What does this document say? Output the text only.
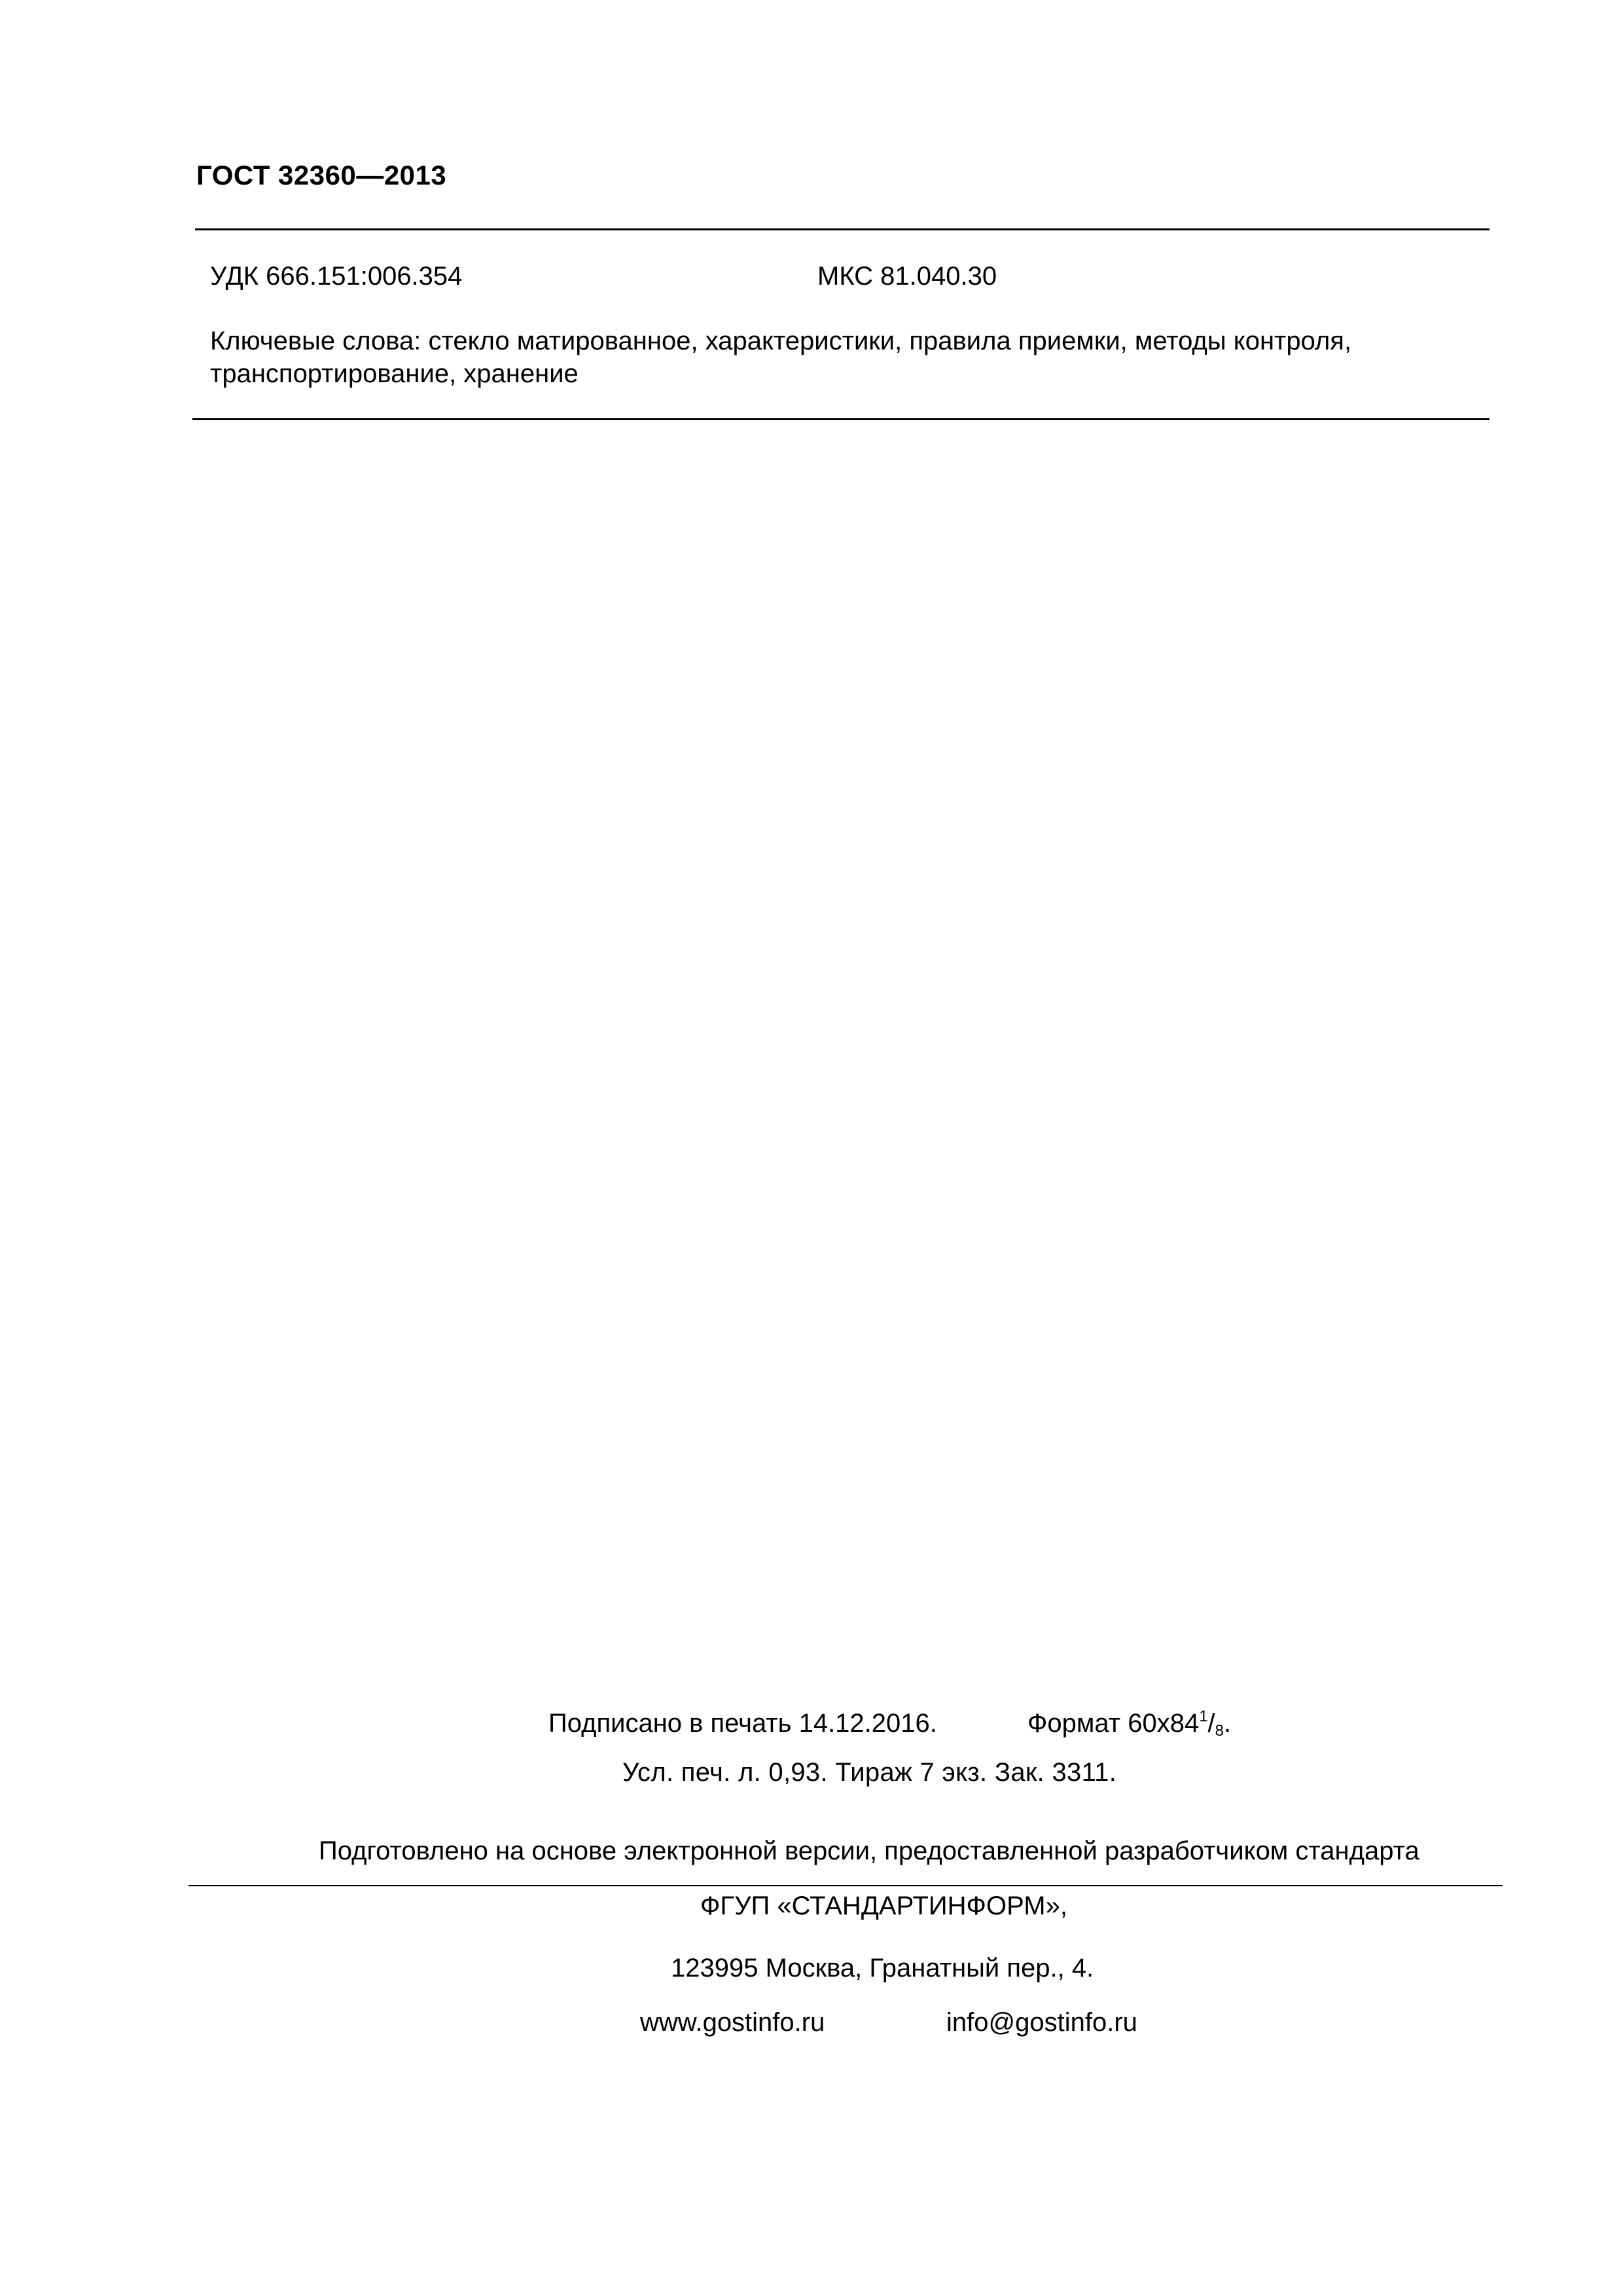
ГОСТ 32360—2013
УДК 666.151:006.354	МКС 81.040.30
Ключевые слова: стекло матированное, характеристики, правила приемки, методы контроля, транспортирование, хранение
Подписано в печать 14.12.2016.	Формат $60x84^1/_8$.
Усл. печ. л. 0,93. Тираж 7 экз. Зак. 3311.
Подготовлено на основе электронной версии, предоставленной разработчиком стандарта
ФГУП «СТАНДАРТИНФОРМ»,
123995 Москва, Гранатный пер., 4.
www.gostinfo.ru	info@gostinfo.ru
